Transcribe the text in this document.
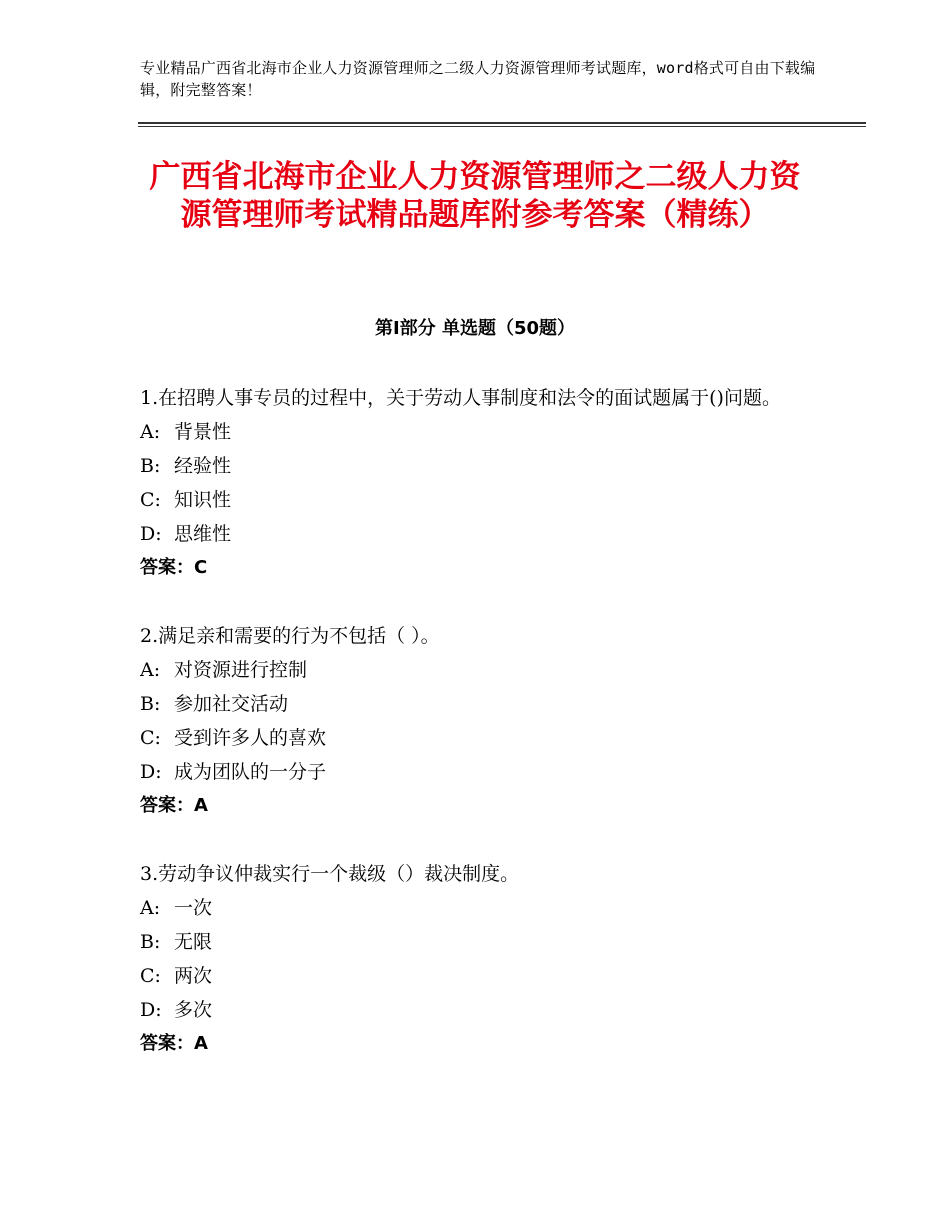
专业精品广西省北海市企业人力资源管理师之二级人力资源管理师考试题库，word格式可自由下载编辑，附完整答案！
广西省北海市企业人力资源管理师之二级人力资源管理师考试精品题库附参考答案（精练）
第Ⅰ部分 单选题（50题）
1.在招聘人事专员的过程中，关于劳动人事制度和法令的面试题属于()问题。
A: 背景性
B: 经验性
C: 知识性
D: 思维性
答案：C
2.满足亲和需要的行为不包括（ ）。
A: 对资源进行控制
B: 参加社交活动
C: 受到许多人的喜欢
D: 成为团队的一分子
答案：A
3.劳动争议仲裁实行一个裁级（）裁决制度。
A: 一次
B: 无限
C: 两次
D: 多次
答案：A
